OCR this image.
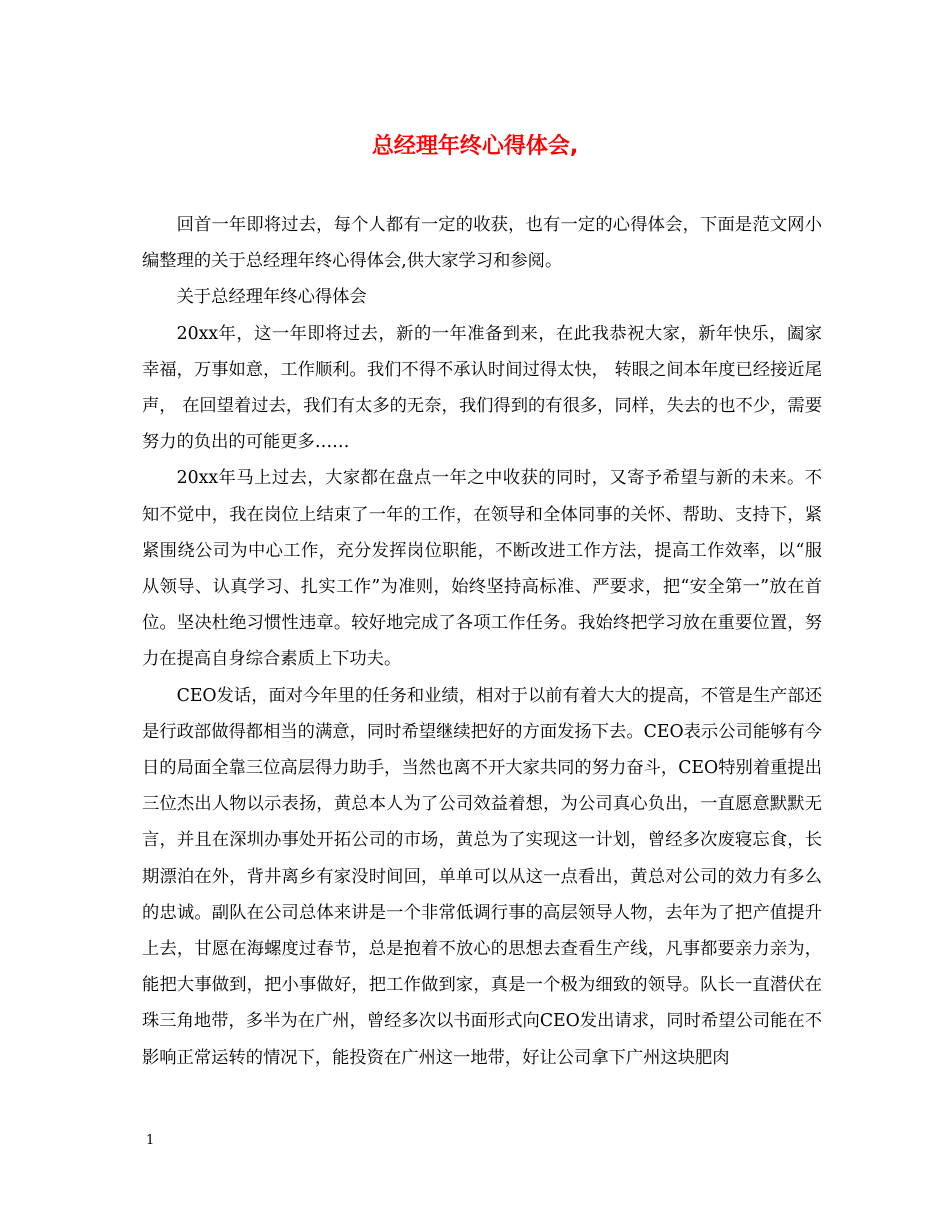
总经理年终心得体会,

回首一年即将过去，每个人都有一定的收获，也有一定的心得体会，下面是范文网小编整理的关于总经理年终心得体会,供大家学习和参阅。

关于总经理年终心得体会

20xx年，这一年即将过去，新的一年准备到来，在此我恭祝大家，新年快乐，阖家幸福，万事如意，工作顺利。我们不得不承认时间过得太快， 转眼之间本年度已经接近尾声， 在回望着过去，我们有太多的无奈，我们得到的有很多，同样，失去的也不少，需要努力的负出的可能更多……

20xx年马上过去，大家都在盘点一年之中收获的同时，又寄予希望与新的未来。不知不觉中，我在岗位上结束了一年的工作，在领导和全体同事的关怀、帮助、支持下，紧紧围绕公司为中心工作，充分发挥岗位职能，不断改进工作方法，提高工作效率，以“服从领导、认真学习、扎实工作”为准则，始终坚持高标准、严要求，把“安全第一”放在首位。坚决杜绝习惯性违章。较好地完成了各项工作任务。我始终把学习放在重要位置，努力在提高自身综合素质上下功夫。

CEO发话，面对今年里的任务和业绩，相对于以前有着大大的提高，不管是生产部还是行政部做得都相当的满意，同时希望继续把好的方面发扬下去。CEO表示公司能够有今日的局面全靠三位高层得力助手，当然也离不开大家共同的努力奋斗，CEO特别着重提出三位杰出人物以示表扬，黄总本人为了公司效益着想，为公司真心负出，一直愿意默默无言，并且在深圳办事处开拓公司的市场，黄总为了实现这一计划，曾经多次废寝忘食，长期漂泊在外，背井离乡有家没时间回，单单可以从这一点看出，黄总对公司的效力有多么的忠诚。副队在公司总体来讲是一个非常低调行事的高层领导人物，去年为了把产值提升上去，甘愿在海螺度过春节，总是抱着不放心的思想去查看生产线，凡事都要亲力亲为，能把大事做到，把小事做好，把工作做到家，真是一个极为细致的领导。队长一直潜伏在珠三角地带，多半为在广州，曾经多次以书面形式向CEO发出请求，同时希望公司能在不影响正常运转的情况下，能投资在广州这一地带，好让公司拿下广州这块肥肉

1
